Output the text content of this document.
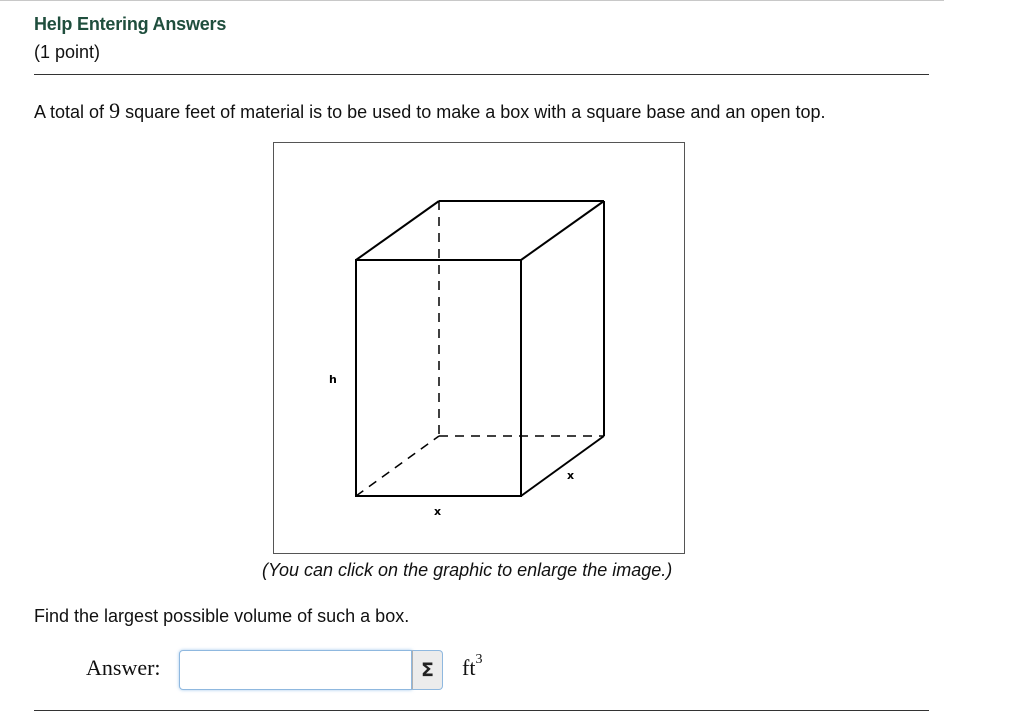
Help Entering Answers
(1 point)
A total of 9 square feet of material is to be used to make a box with a square base and an open top.
h
x
x
(You can click on the graphic to enlarge the image.)
Find the largest possible volume of such a box.
Answer:	Σ	$ft^3$
